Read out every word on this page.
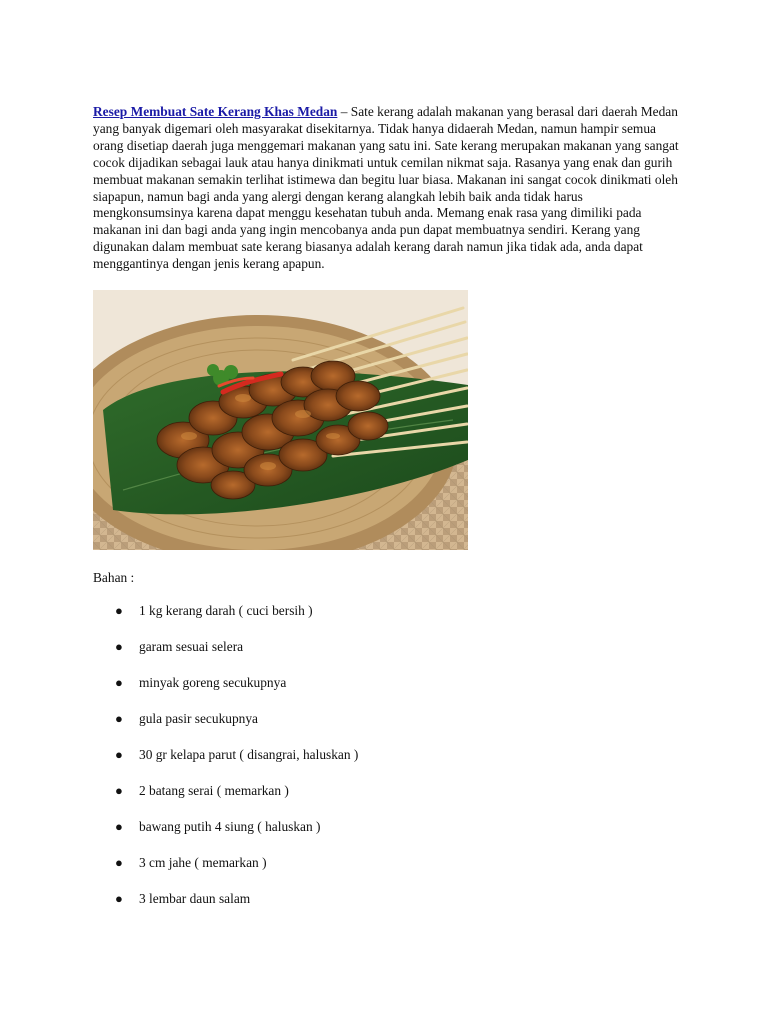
Resep Membuat Sate Kerang Khas Medan – Sate kerang adalah makanan yang berasal dari daerah Medan yang banyak digemari oleh masyarakat disekitarnya. Tidak hanya didaerah Medan, namun hampir semua orang disetiap daerah juga menggemari makanan yang satu ini. Sate kerang merupakan makanan yang sangat cocok dijadikan sebagai lauk atau hanya dinikmati untuk cemilan nikmat saja. Rasanya yang enak dan gurih membuat makanan semakin terlihat istimewa dan begitu luar biasa. Makanan ini sangat cocok dinikmati oleh siapapun, namun bagi anda yang alergi dengan kerang alangkah lebih baik anda tidak harus mengkonsumsinya karena dapat menggu kesehatan tubuh anda. Memang enak rasa yang dimiliki pada makanan ini dan bagi anda yang ingin mencobanya anda pun dapat membuatnya sendiri. Kerang yang digunakan dalam membuat sate kerang biasanya adalah kerang darah namun jika tidak ada, anda dapat menggantinya dengan jenis kerang apapun.

Bahan :

● 1 kg kerang darah ( cuci bersih )
● garam sesuai selera
● minyak goreng secukupnya
● gula pasir secukupnya
● 30 gr kelapa parut ( disangrai, haluskan )
● 2 batang serai ( memarkan )
● bawang putih 4 siung ( haluskan )
● 3 cm jahe ( memarkan )
● 3 lembar daun salam
